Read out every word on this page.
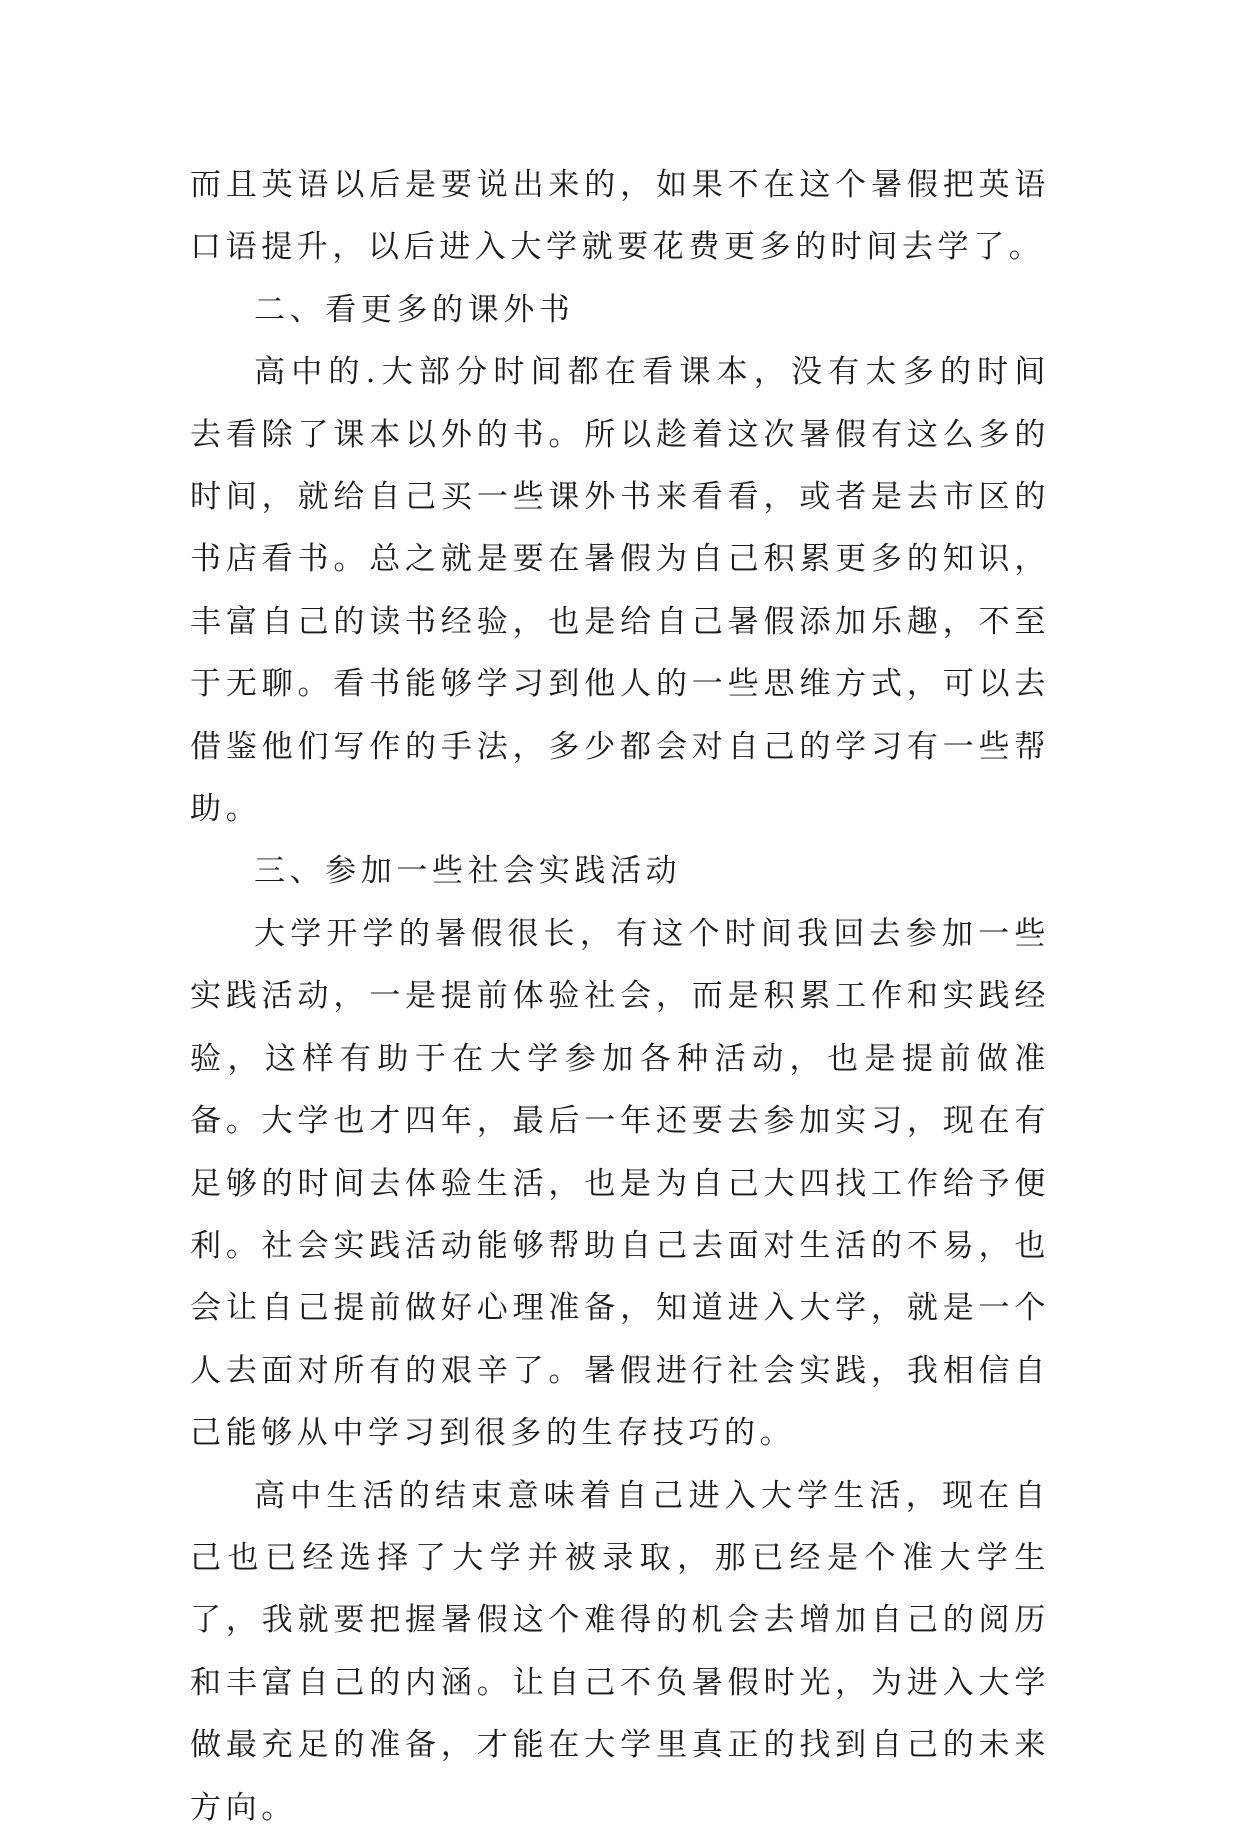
而且英语以后是要说出来的，如果不在这个暑假把英语口语提升，以后进入大学就要花费更多的时间去学了。

二、看更多的课外书

高中的.大部分时间都在看课本，没有太多的时间去看除了课本以外的书。所以趁着这次暑假有这么多的时间，就给自己买一些课外书来看看，或者是去市区的书店看书。总之就是要在暑假为自己积累更多的知识，丰富自己的读书经验，也是给自己暑假添加乐趣，不至于无聊。看书能够学习到他人的一些思维方式，可以去借鉴他们写作的手法，多少都会对自己的学习有一些帮助。

三、参加一些社会实践活动

大学开学的暑假很长，有这个时间我回去参加一些实践活动，一是提前体验社会，而是积累工作和实践经验，这样有助于在大学参加各种活动，也是提前做准备。大学也才四年，最后一年还要去参加实习，现在有足够的时间去体验生活，也是为自己大四找工作给予便利。社会实践活动能够帮助自己去面对生活的不易，也会让自己提前做好心理准备，知道进入大学，就是一个人去面对所有的艰辛了。暑假进行社会实践，我相信自己能够从中学习到很多的生存技巧的。

高中生活的结束意味着自己进入大学生活，现在自己也已经选择了大学并被录取，那已经是个准大学生了，我就要把握暑假这个难得的机会去增加自己的阅历和丰富自己的内涵。让自己不负暑假时光，为进入大学做最充足的准备，才能在大学里真正的找到自己的未来方向。
